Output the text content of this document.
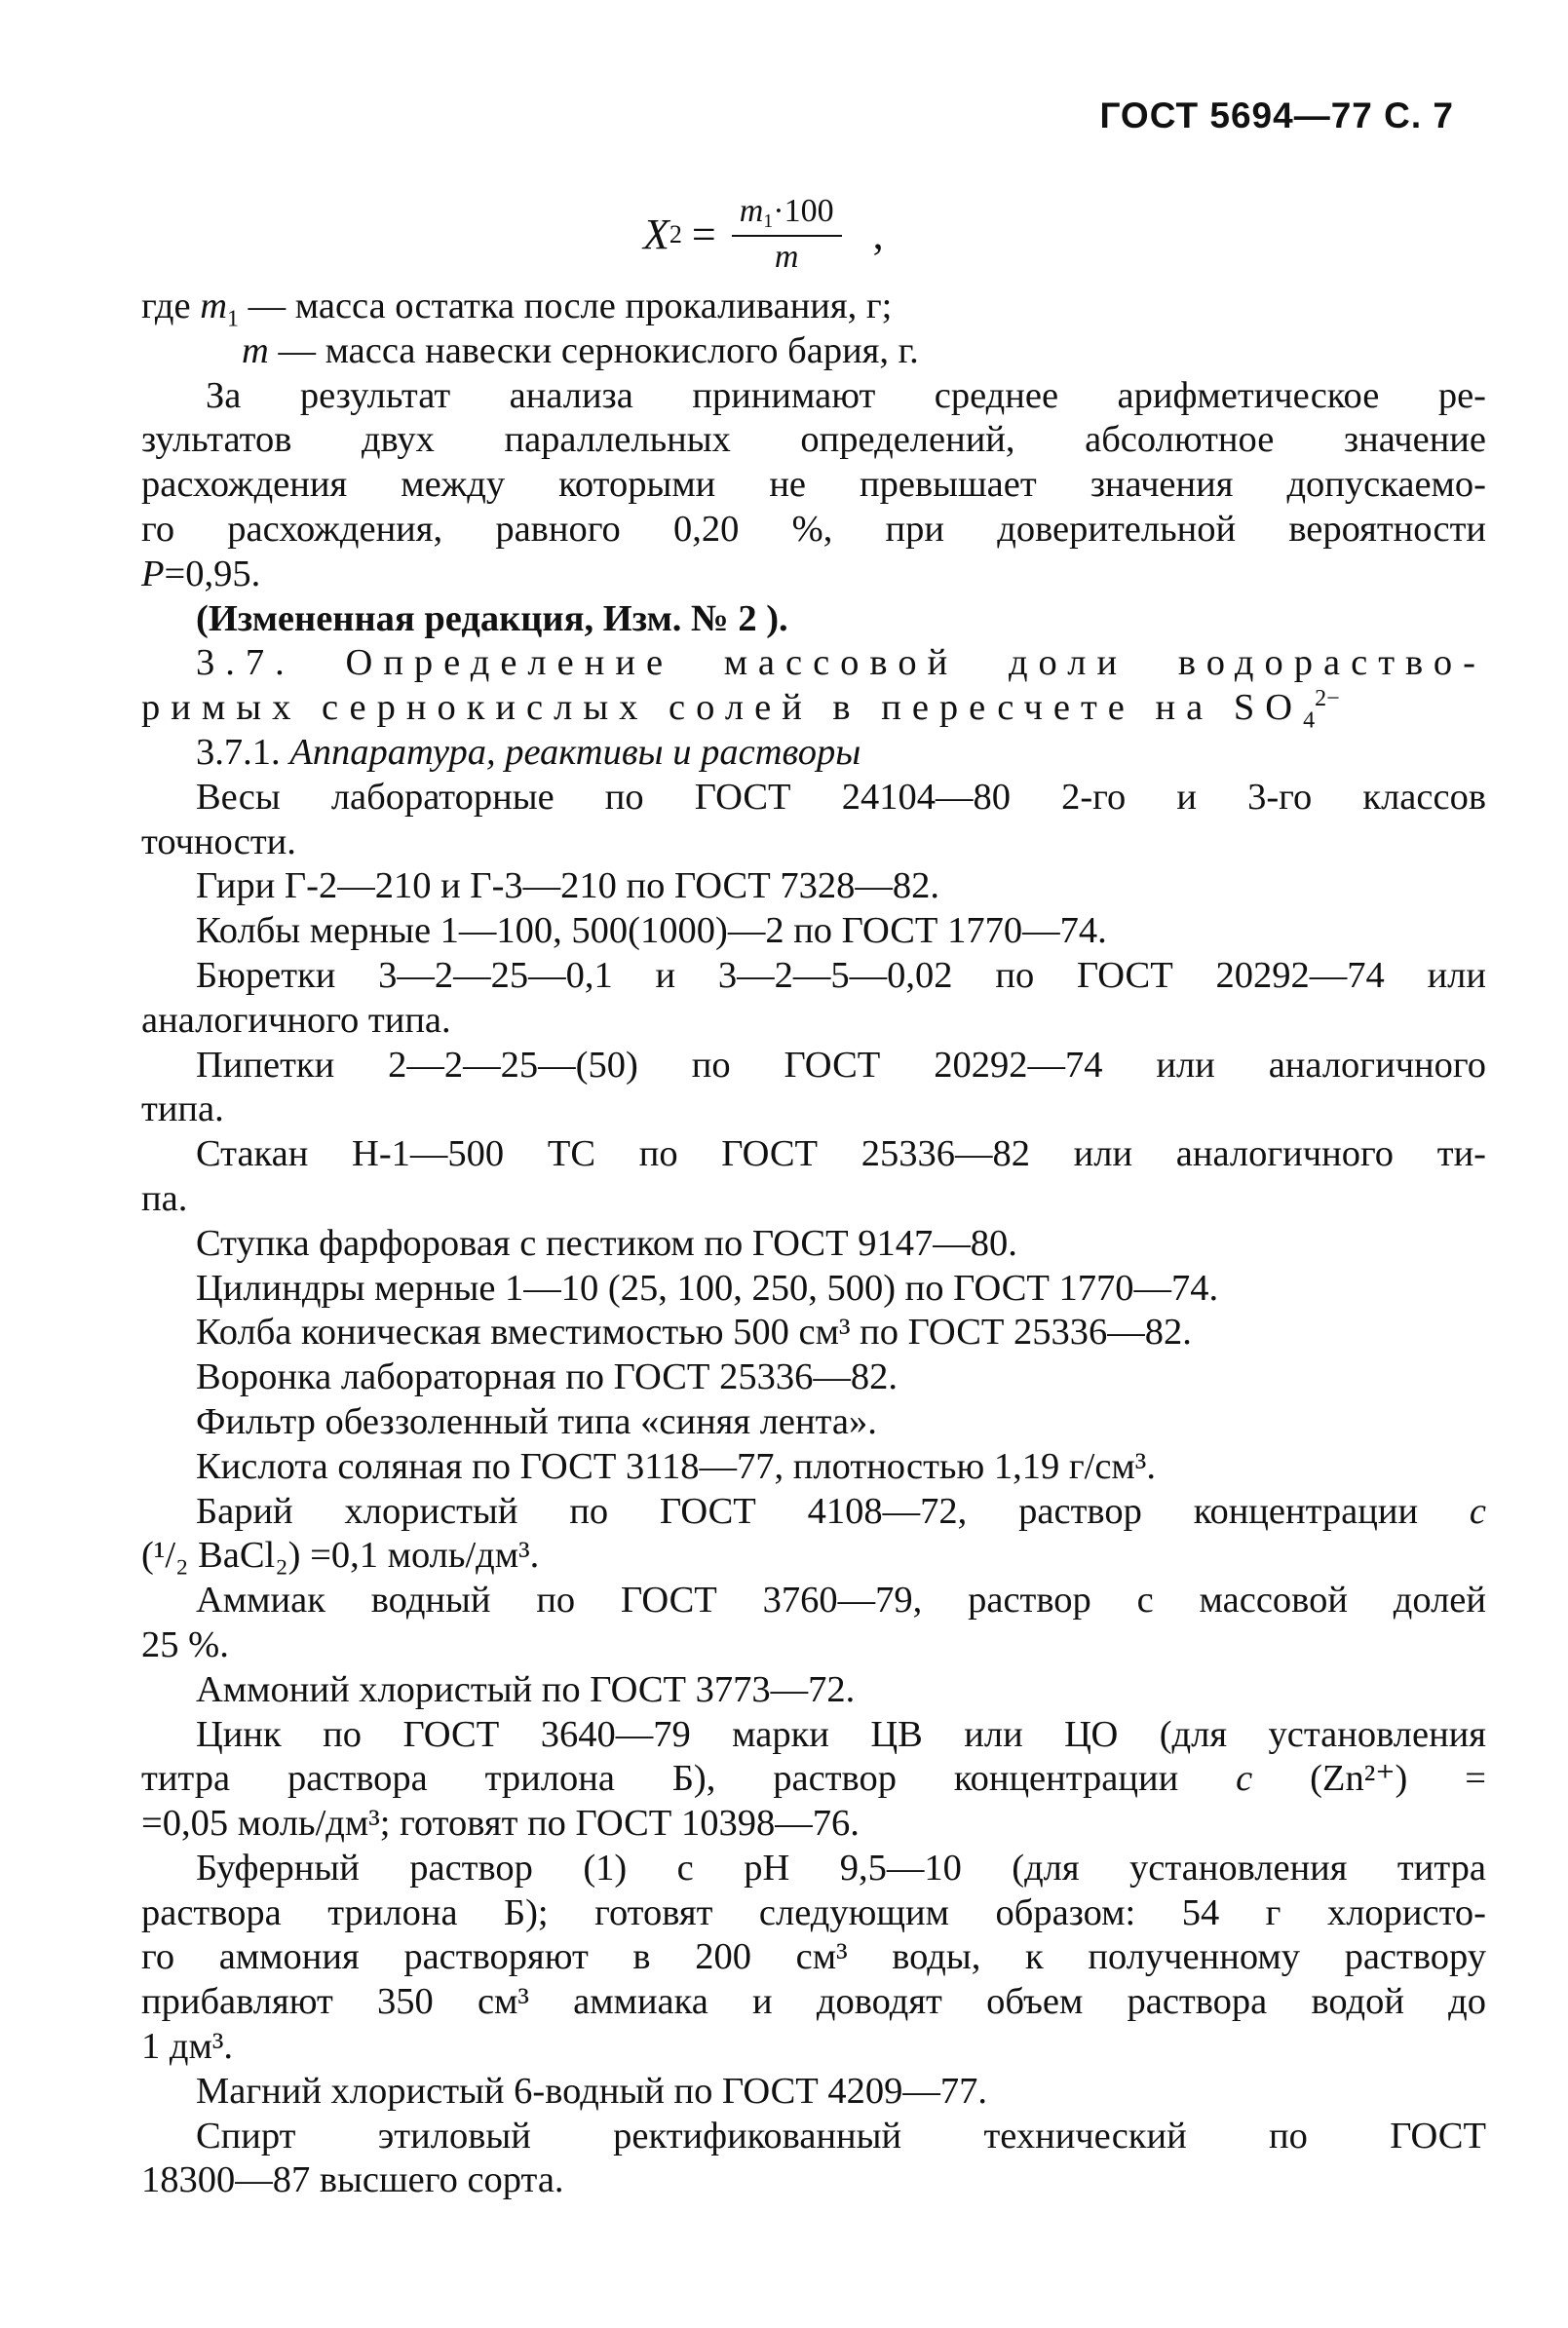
ГОСТ 5694—77 С. 7
X $2 = \frac{m1\cdot 100}{m}$ ,
где $m_1$ — масса остатка после прокаливания, г;
m — масса навески сернокислого бария, г.
За результат анализа принимают среднее арифметическое ре-
зультатов двух параллельных определений, абсолютное значение
расхождения между которыми не превышает значения допускаемо-
го расхождения, равного 0,20 %, при доверительной вероятности
P=0,95.
(Измененная редакция, Изм. № 2 ).
3.7. Определение массовой доли водораство-
римых сернокислых солей в пересчете на $SO_4^{2-}$
3.7.1. Аппаратура, реактивы и растворы
Весы лабораторные по ГОСТ 24104—80 2-го и 3-го классов
точности.
Гири Г-2—210 и Г-3—210 по ГОСТ 7328—82.
Колбы мерные 1—100, 500(1000)—2 по ГОСТ 1770—74.
Бюретки 3—2—25—0,1 и 3—2—5—0,02 по ГОСТ 20292—74 или
аналогичного типа.
Пипетки 2—2—25—(50) по ГОСТ 20292—74 или аналогичного
типа.
Стакан Н-1—500 ТС по ГОСТ 25336—82 или аналогичного ти-
па.
Ступка фарфоровая с пестиком по ГОСТ 9147—80.
Цилиндры мерные 1—10 (25, 100, 250, 500) по ГОСТ 1770—74.
Колба коническая вместимостью 500 см³ по ГОСТ 25336—82.
Воронка лабораторная по ГОСТ 25336—82.
Фильтр обеззоленный типа «синяя лента».
Кислота соляная по ГОСТ 3118—77, плотностью 1,19 г/см³.
Барий хлористый по ГОСТ 4108—72, раствор концентрации с
(¹/₂ BaCl₂) =0,1 моль/дм³.
Аммиак водный по ГОСТ 3760—79, раствор с массовой долей
25 %.
Аммоний хлористый по ГОСТ 3773—72.
Цинк по ГОСТ 3640—79 марки ЦВ или ЦО (для установления
титра раствора трилона Б), раствор концентрации с (Zn²⁺) =
=0,05 моль/дм³; готовят по ГОСТ 10398—76.
Буферный раствор (1) с рН 9,5—10 (для установления титра
раствора трилона Б); готовят следующим образом: 54 г хлористо-
го аммония растворяют в 200 см³ воды, к полученному раствору
прибавляют 350 см³ аммиака и доводят объем раствора водой до
1 дм³.
Магний хлористый 6-водный по ГОСТ 4209—77.
Спирт этиловый ректификованный технический по ГОСТ
18300—87 высшего сорта.
